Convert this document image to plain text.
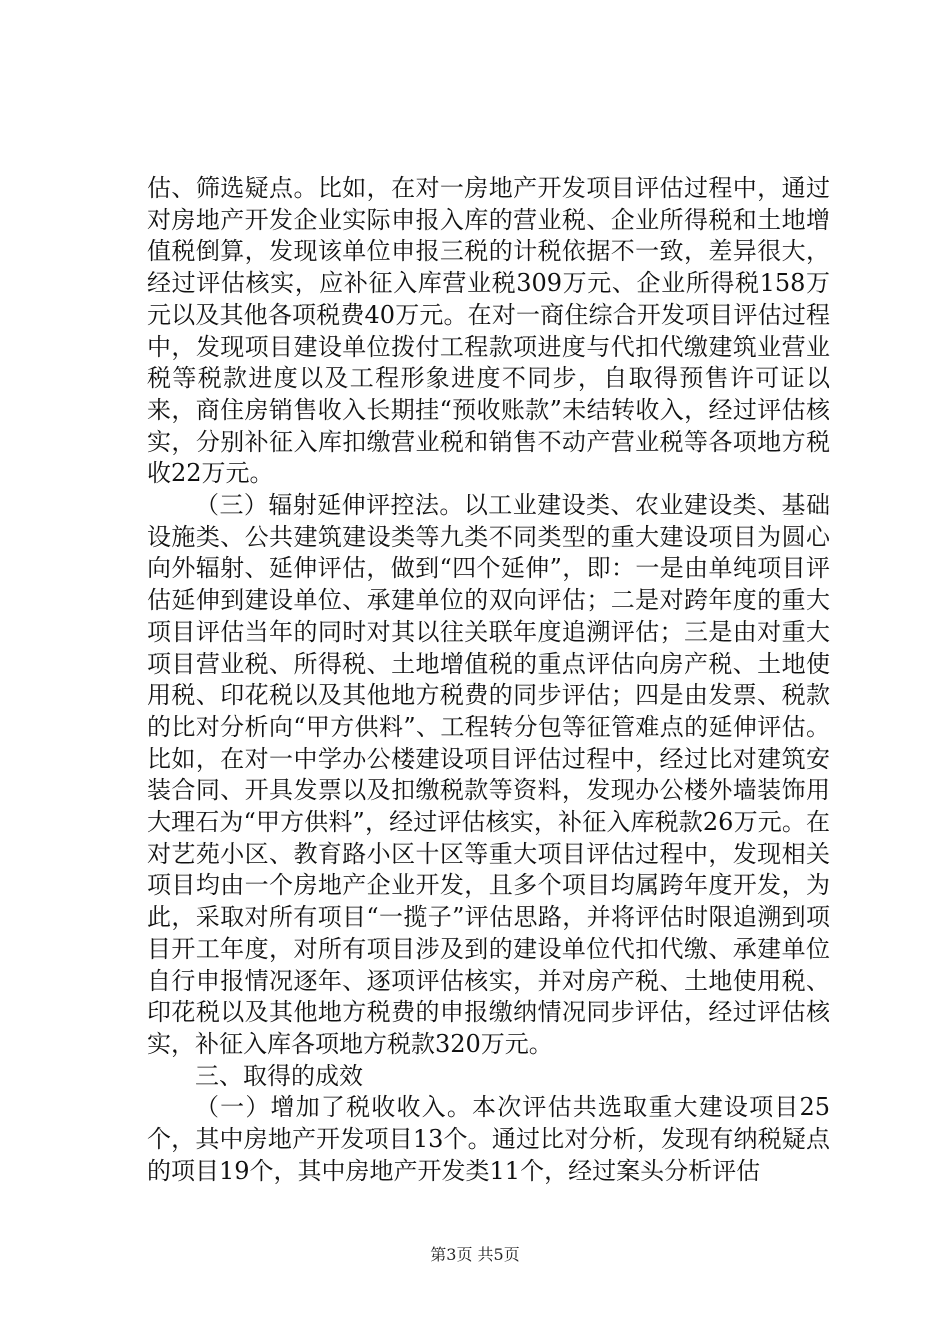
估、筛选疑点。比如，在对一房地产开发项目评估过程中，通过对房地产开发企业实际申报入库的营业税、企业所得税和土地增值税倒算，发现该单位申报三税的计税依据不一致，差异很大，经过评估核实，应补征入库营业税309万元、企业所得税158万元以及其他各项税费40万元。在对一商住综合开发项目评估过程中，发现项目建设单位拨付工程款项进度与代扣代缴建筑业营业税等税款进度以及工程形象进度不同步，自取得预售许可证以来，商住房销售收入长期挂“预收账款”未结转收入，经过评估核实，分别补征入库扣缴营业税和销售不动产营业税等各项地方税收22万元。

（三）辐射延伸评控法。以工业建设类、农业建设类、基础设施类、公共建筑建设类等九类不同类型的重大建设项目为圆心向外辐射、延伸评估，做到“四个延伸”，即：一是由单纯项目评估延伸到建设单位、承建单位的双向评估；二是对跨年度的重大项目评估当年的同时对其以往关联年度追溯评估；三是由对重大项目营业税、所得税、土地增值税的重点评估向房产税、土地使用税、印花税以及其他地方税费的同步评估；四是由发票、税款的比对分析向“甲方供料”、工程转分包等征管难点的延伸评估。比如，在对一中学办公楼建设项目评估过程中，经过比对建筑安装合同、开具发票以及扣缴税款等资料，发现办公楼外墙装饰用大理石为“甲方供料”，经过评估核实，补征入库税款26万元。在对艺苑小区、教育路小区十区等重大项目评估过程中，发现相关项目均由一个房地产企业开发，且多个项目均属跨年度开发，为此，采取对所有项目“一揽子”评估思路，并将评估时限追溯到项目开工年度，对所有项目涉及到的建设单位代扣代缴、承建单位自行申报情况逐年、逐项评估核实，并对房产税、土地使用税、印花税以及其他地方税费的申报缴纳情况同步评估，经过评估核实，补征入库各项地方税款320万元。

三、取得的成效

（一）增加了税收收入。本次评估共选取重大建设项目25个，其中房地产开发项目13个。通过比对分析，发现有纳税疑点的项目19个，其中房地产开发类11个，经过案头分析评估

第3页 共5页
